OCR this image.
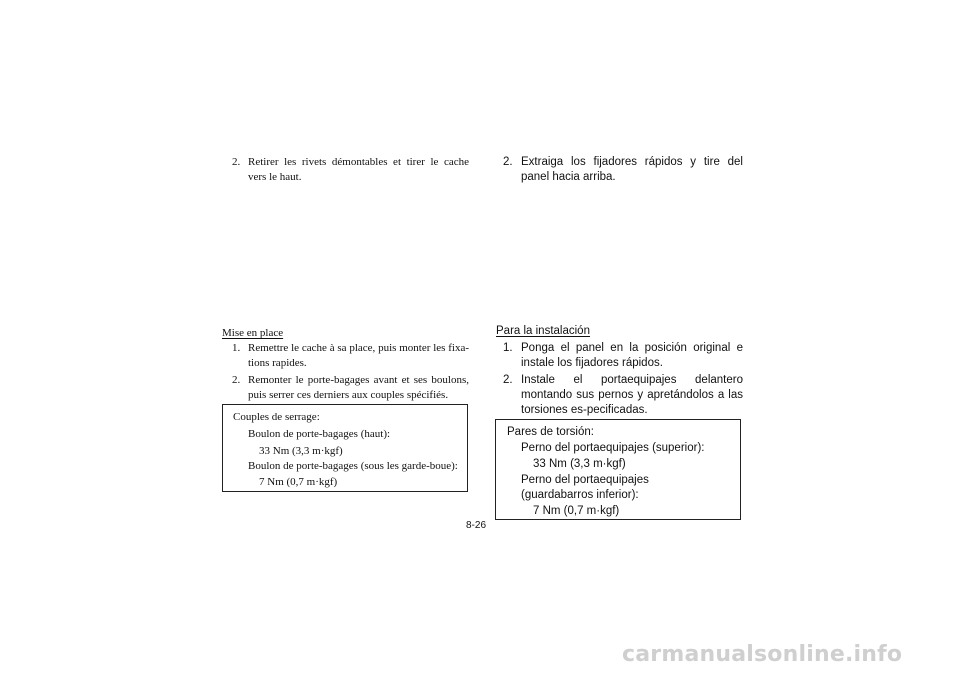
2. Retirer les rivets démontables et tirer le cache vers le haut.
Mise en place
1. Remettre le cache à sa place, puis monter les fixa-tions rapides.
2. Remonter le porte-bagages avant et ses boulons, puis serrer ces derniers aux couples spécifiés.
Couples de serrage:
Boulon de porte-bagages (haut):
33 Nm (3,3 m·kgf)
Boulon de porte-bagages (sous les garde-boue):
7 Nm (0,7 m·kgf)
2. Extraiga los fijadores rápidos y tire del panel hacia arriba.
Para la instalación
1. Ponga el panel en la posición original e instale los fijadores rápidos.
2. Instale el portaequipajes delantero montando sus pernos y apretándolos a las torsiones es-pecificadas.
Pares de torsión:
Perno del portaequipajes (superior):
33 Nm (3,3 m·kgf)
Perno del portaequipajes
(guardabarros inferior):
7 Nm (0,7 m·kgf)
8-26
carmanualsonline.info
